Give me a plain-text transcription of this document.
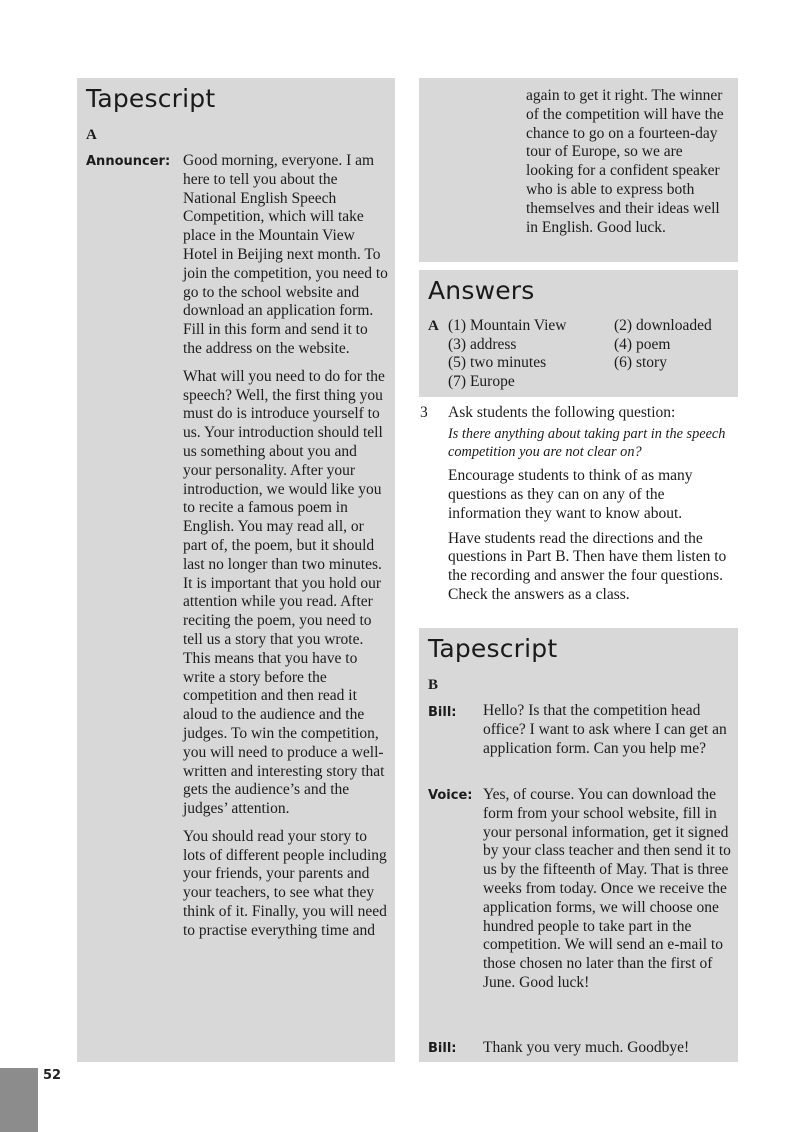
Tapescript
A
Announcer: Good morning, everyone. I am here to tell you about the National English Speech Competition, which will take place in the Mountain View Hotel in Beijing next month. To join the competition, you need to go to the school website and download an application form. Fill in this form and send it to the address on the website.

What will you need to do for the speech? Well, the first thing you must do is introduce yourself to us. Your introduction should tell us something about you and your personality. After your introduction, we would like you to recite a famous poem in English. You may read all, or part of, the poem, but it should last no longer than two minutes. It is important that you hold our attention while you read. After reciting the poem, you need to tell us a story that you wrote. This means that you have to write a story before the competition and then read it aloud to the audience and the judges. To win the competition, you will need to produce a well-written and interesting story that gets the audience’s and the judges’ attention.

You should read your story to lots of different people including your friends, your parents and your teachers, to see what they think of it. Finally, you will need to practise everything time and

again to get it right. The winner of the competition will have the chance to go on a fourteen-day tour of Europe, so we are looking for a confident speaker who is able to express both themselves and their ideas well in English. Good luck.
Answers
A (1) Mountain View	(2) downloaded
(3) address	(4) poem
(5) two minutes	(6) story
(7) Europe
3 Ask students the following question:

Is there anything about taking part in the speech competition you are not clear on?

Encourage students to think of as many questions as they can on any of the information they want to know about.

Have students read the directions and the questions in Part B. Then have them listen to the recording and answer the four questions. Check the answers as a class.

Tapescript
B
Bill: Hello? Is that the competition head office? I want to ask where I can get an application form. Can you help me?
Voice: Yes, of course. You can download the form from your school website, fill in your personal information, get it signed by your class teacher and then send it to us by the fifteenth of May. That is three weeks from today. Once we receive the application forms, we will choose one hundred people to take part in the competition. We will send an e-mail to those chosen no later than the first of June. Good luck!
Bill: Thank you very much. Goodbye!
52
